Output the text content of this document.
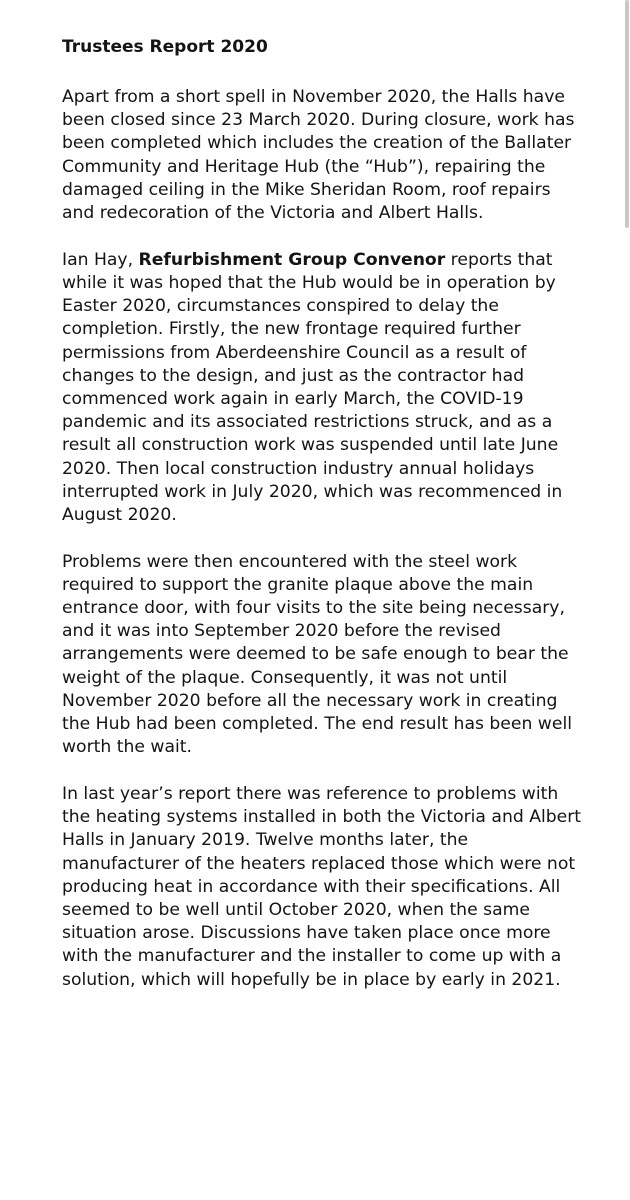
Trustees Report 2020

Apart from a short spell in November 2020, the Halls have been closed since 23 March 2020. During closure, work has been completed which includes the creation of the Ballater Community and Heritage Hub (the “Hub”), repairing the damaged ceiling in the Mike Sheridan Room, roof repairs and redecoration of the Victoria and Albert Halls.

Ian Hay, Refurbishment Group Convenor reports that while it was hoped that the Hub would be in operation by Easter 2020, circumstances conspired to delay the completion. Firstly, the new frontage required further permissions from Aberdeenshire Council as a result of changes to the design, and just as the contractor had commenced work again in early March, the COVID-19 pandemic and its associated restrictions struck, and as a result all construction work was suspended until late June 2020. Then local construction industry annual holidays interrupted work in July 2020, which was recommenced in August 2020.

Problems were then encountered with the steel work required to support the granite plaque above the main entrance door, with four visits to the site being necessary, and it was into September 2020 before the revised arrangements were deemed to be safe enough to bear the weight of the plaque. Consequently, it was not until November 2020 before all the necessary work in creating the Hub had been completed. The end result has been well worth the wait.

In last year’s report there was reference to problems with the heating systems installed in both the Victoria and Albert Halls in January 2019. Twelve months later, the manufacturer of the heaters replaced those which were not producing heat in accordance with their specifications. All seemed to be well until October 2020, when the same situation arose. Discussions have taken place once more with the manufacturer and the installer to come up with a solution, which will hopefully be in place by early in 2021.
